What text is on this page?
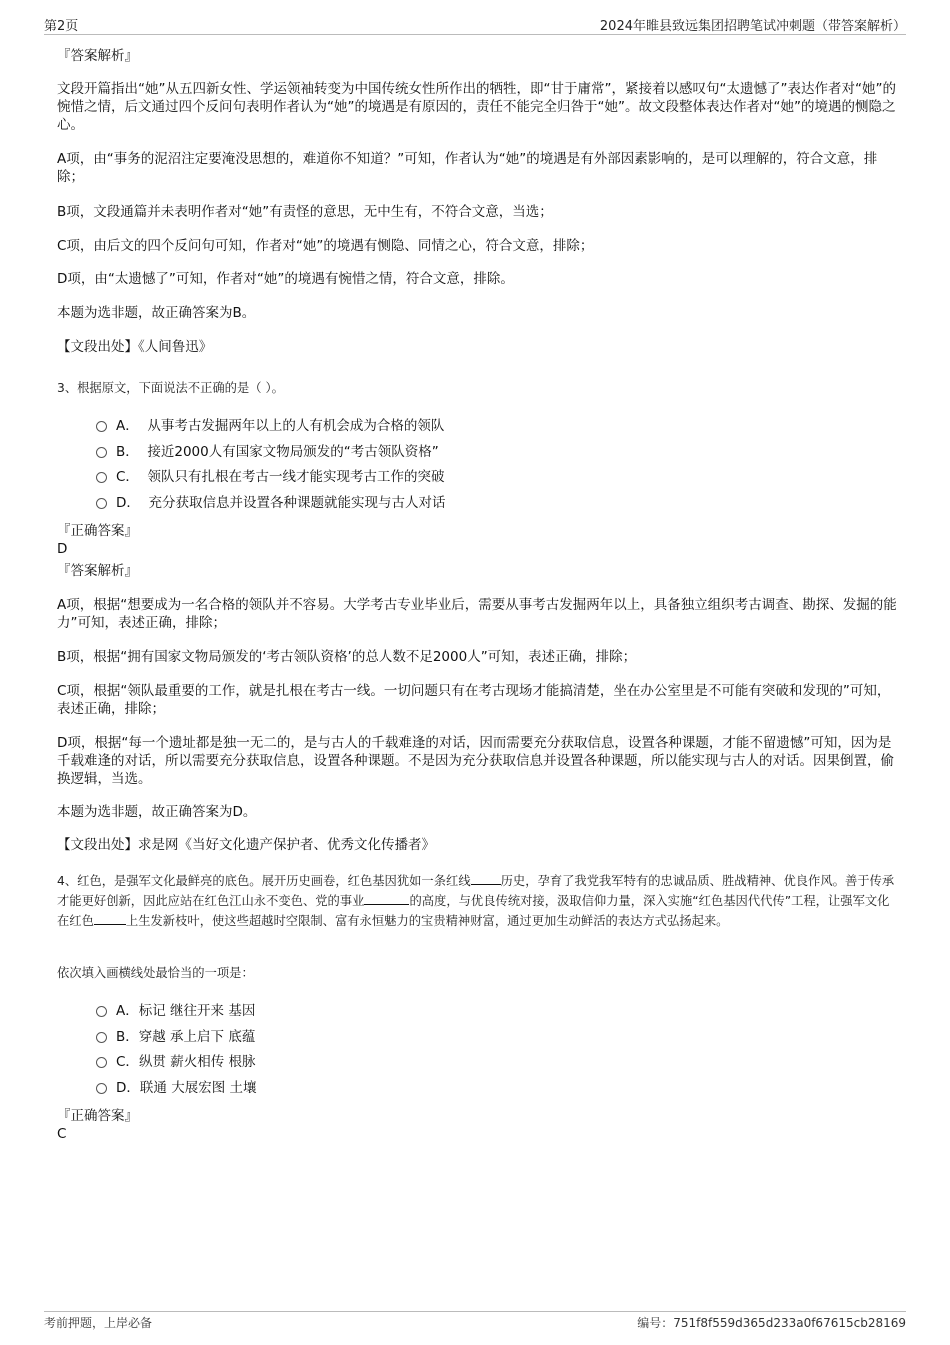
第2页	2024年睢县致远集团招聘笔试冲刺题（带答案解析）
『答案解析』
文段开篇指出“她”从五四新女性、学运领袖转变为中国传统女性所作出的牺牲，即“甘于庸常”，紧接着以感叹句“太遗憾了”表达作者对“她”的惋惜之情，后文通过四个反问句表明作者认为“她”的境遇是有原因的，责任不能完全归咎于“她”。故文段整体表达作者对“她”的境遇的恻隐之心。
A项，由“事务的泥沼注定要淹没思想的，难道你不知道？”可知，作者认为“她”的境遇是有外部因素影响的，是可以理解的，符合文意，排除；
B项，文段通篇并未表明作者对“她”有责怪的意思，无中生有，不符合文意，当选；
C项，由后文的四个反问句可知，作者对“她”的境遇有恻隐、同情之心，符合文意，排除；
D项，由“太遗憾了”可知，作者对“她”的境遇有惋惜之情，符合文意，排除。
本题为选非题，故正确答案为B。
【文段出处】《人间鲁迅》
3、根据原文，下面说法不正确的是（ ）。
A． 从事考古发掘两年以上的人有机会成为合格的领队
B． 接近2000人有国家文物局颁发的“考古领队资格”
C． 领队只有扎根在考古一线才能实现考古工作的突破
D． 充分获取信息并设置各种课题就能实现与古人对话
『正确答案』
D
『答案解析』
A项，根据“想要成为一名合格的领队并不容易。大学考古专业毕业后，需要从事考古发掘两年以上，具备独立组织考古调查、勘探、发掘的能力”可知，表述正确，排除；
B项，根据“拥有国家文物局颁发的‘考古领队资格’的总人数不足2000人”可知，表述正确，排除；
C项，根据“领队最重要的工作，就是扎根在考古一线。一切问题只有在考古现场才能搞清楚，坐在办公室里是不可能有突破和发现的”可知，表述正确，排除；
D项，根据“每一个遗址都是独一无二的，是与古人的千载难逢的对话，因而需要充分获取信息，设置各种课题，才能不留遗憾”可知，因为是千载难逢的对话，所以需要充分获取信息，设置各种课题。不是因为充分获取信息并设置各种课题，所以能实现与古人的对话。因果倒置，偷换逻辑，当选。
本题为选非题，故正确答案为D。
【文段出处】求是网《当好文化遗产保护者、优秀文化传播者》
4、红色，是强军文化最鲜亮的底色。展开历史画卷，红色基因犹如一条红线 历史，孕育了我党我军特有的忠诚品质、胜战精神、优良作风。善于传承才能更好创新，因此应站在红色江山永不变色、党的事业	的高度，与优良传统对接，汲取信仰力量，深入实施“红色基因代代传”工程，让强军文化在红色	上生发新枝叶，使这些超越时空限制、富有永恒魅力的宝贵精神财富，通过更加生动鲜活的表达方式弘扬起来。
依次填入画横线处最恰当的一项是：
A．标记 继往开来 基因
B．穿越 承上启下 底蕴
C．纵贯 薪火相传 根脉
D．联通 大展宏图 土壤
『正确答案』
C
考前押题，上岸必备	编号：751f8f559d365d233a0f67615cb28169
